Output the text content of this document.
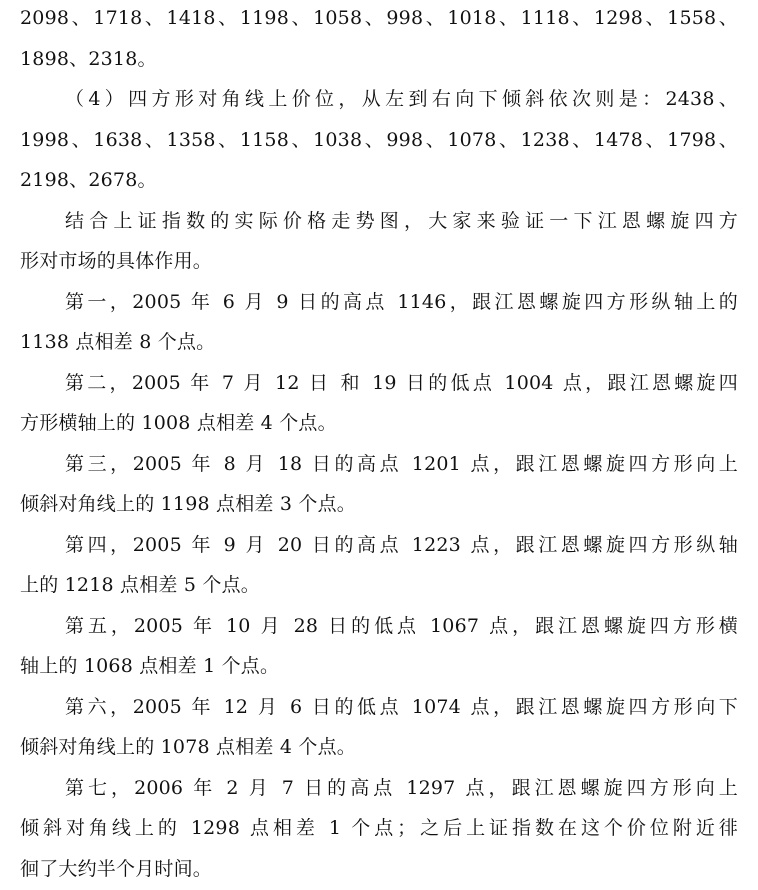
2098、1718、1418、1198、1058、998、1018、1118、1298、1558、
1898、2318。
（4）四方形对角线上价位，从左到右向下倾斜依次则是：2438、
1998、1638、1358、1158、1038、998、1078、1238、1478、1798、
2198、2678。
结合上证指数的实际价格走势图，大家来验证一下江恩螺旋四方
形对市场的具体作用。
第一，2005 年 6 月 9 日的高点 1146，跟江恩螺旋四方形纵轴上的
1138 点相差 8 个点。
第二，2005 年 7 月 12 日 和 19 日的低点 1004 点，跟江恩螺旋四
方形横轴上的 1008 点相差 4 个点。
第三，2005 年 8 月 18 日的高点 1201 点，跟江恩螺旋四方形向上
倾斜对角线上的 1198 点相差 3 个点。
第四，2005 年 9 月 20 日的高点 1223 点，跟江恩螺旋四方形纵轴
上的 1218 点相差 5 个点。
第五，2005 年 10 月 28 日的低点 1067 点，跟江恩螺旋四方形横
轴上的 1068 点相差 1 个点。
第六，2005 年 12 月 6 日的低点 1074 点，跟江恩螺旋四方形向下
倾斜对角线上的 1078 点相差 4 个点。
第七，2006 年 2 月 7 日的高点 1297 点，跟江恩螺旋四方形向上
倾斜对角线上的 1298 点相差 1 个点；之后上证指数在这个价位附近徘
徊了大约半个月时间。
